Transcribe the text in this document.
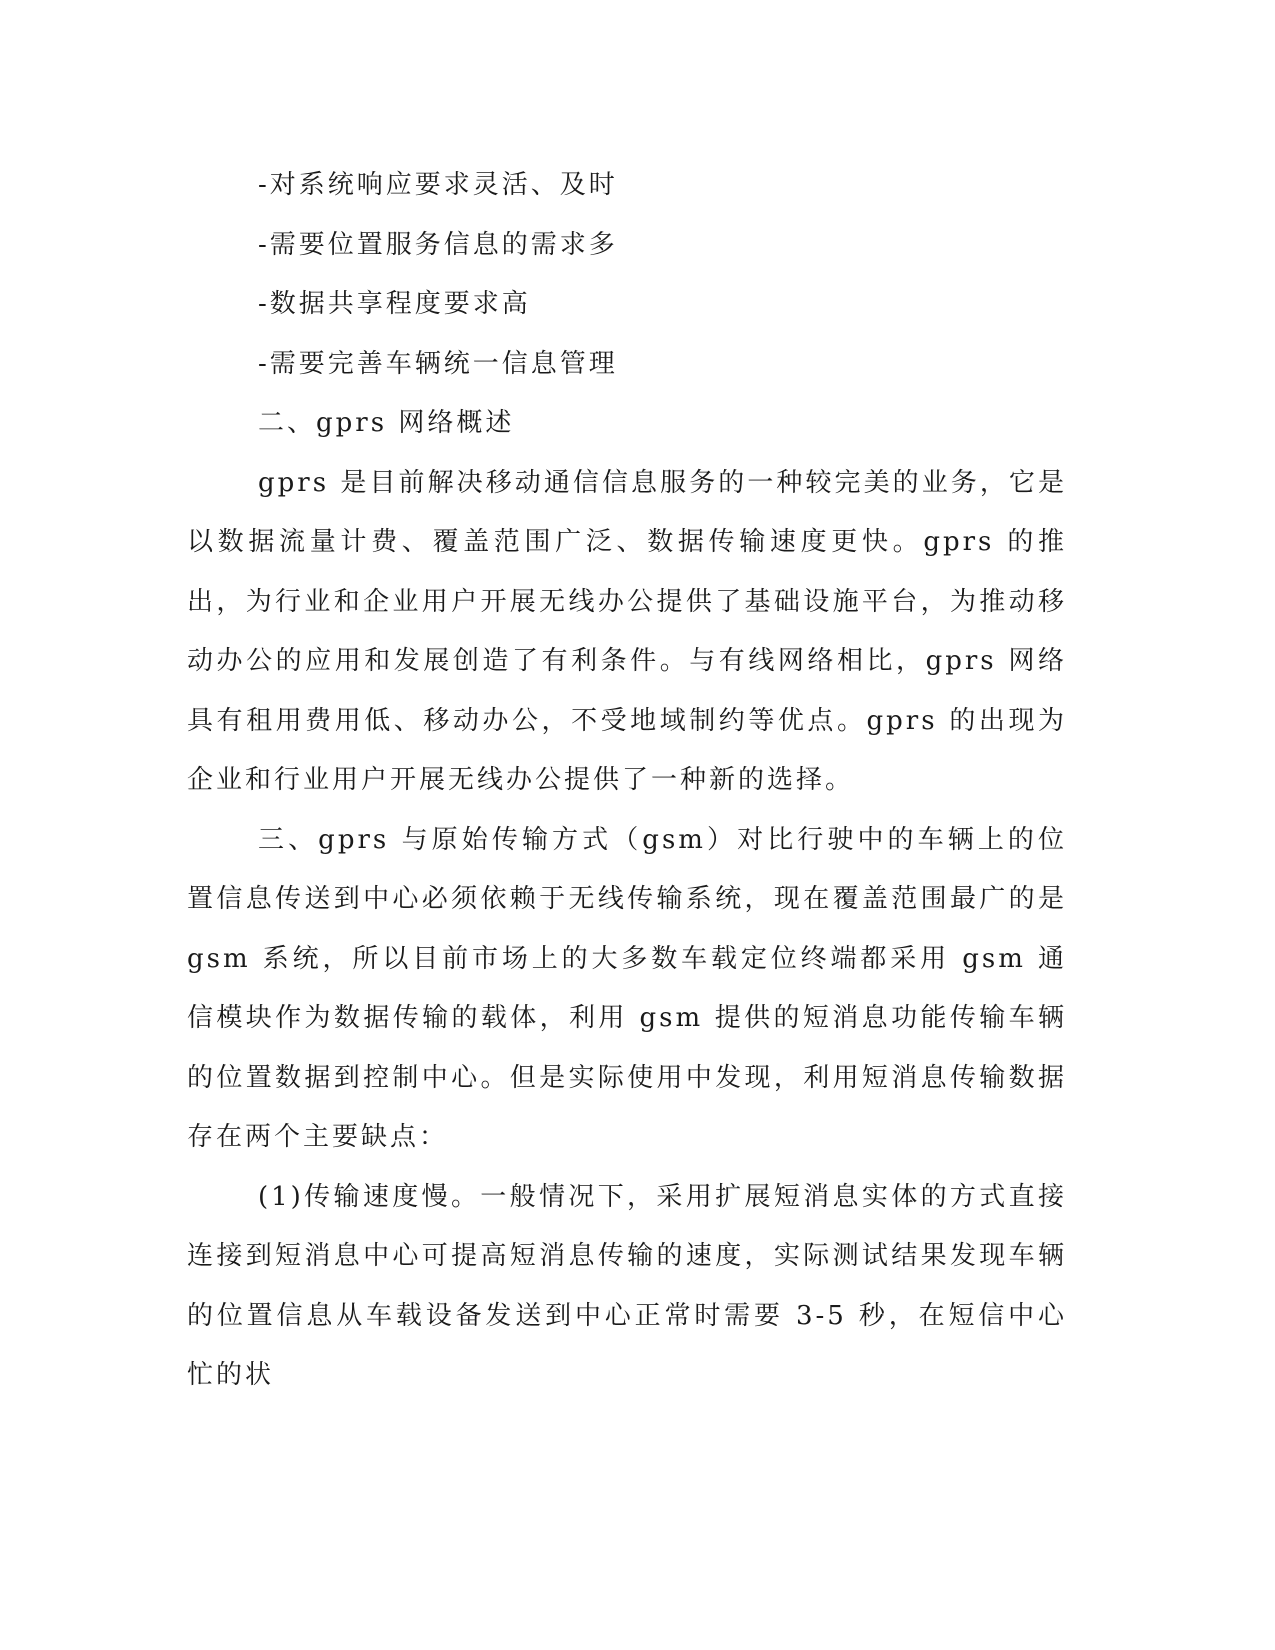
-对系统响应要求灵活、及时
-需要位置服务信息的需求多
-数据共享程度要求高
-需要完善车辆统一信息管理
二、gprs 网络概述

gprs 是目前解决移动通信信息服务的一种较完美的业务，它是以数据流量计费、覆盖范围广泛、数据传输速度更快。gprs 的推出，为行业和企业用户开展无线办公提供了基础设施平台，为推动移动办公的应用和发展创造了有利条件。与有线网络相比，gprs 网络具有租用费用低、移动办公，不受地域制约等优点。gprs 的出现为企业和行业用户开展无线办公提供了一种新的选择。

三、gprs 与原始传输方式（gsm）对比行驶中的车辆上的位置信息传送到中心必须依赖于无线传输系统，现在覆盖范围最广的是 gsm 系统，所以目前市场上的大多数车载定位终端都采用 gsm 通信模块作为数据传输的载体，利用 gsm 提供的短消息功能传输车辆的位置数据到控制中心。但是实际使用中发现，利用短消息传输数据存在两个主要缺点：

(1)传输速度慢。一般情况下，采用扩展短消息实体的方式直接连接到短消息中心可提高短消息传输的速度，实际测试结果发现车辆的位置信息从车载设备发送到中心正常时需要 3-5 秒，在短信中心忙的状
